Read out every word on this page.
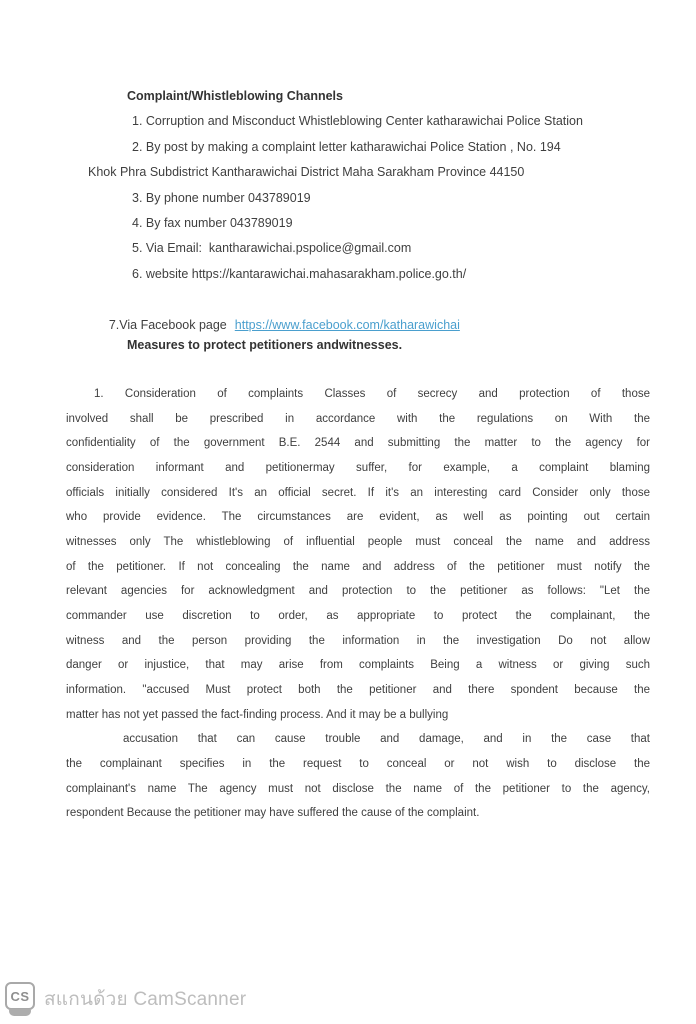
Complaint/Whistleblowing Channels
1. Corruption and Misconduct Whistleblowing Center katharawichai Police Station
2. By post by making a complaint letter katharawichai Police Station , No. 194
Khok Phra Subdistrict Kantharawichai District Maha Sarakham Province 44150
3. By phone number 043789019
4. By fax number 043789019
5. Via Email:  kantharawichai.pspolice@gmail.com
6. website https://kantarawichai.mahasarakham.police.go.th/

7.Via Facebook page https://www.facebook.com/katharawichai

Measures to protect petitioners andwitnesses.
1. Consideration of complaints Classes of secrecy and protection of those
involved shall be prescribed in accordance with the regulations on With the
confidentiality of the government B.E. 2544 and submitting the matter to the agency for
consideration informant and petitionermay suffer, for example, a complaint blaming
officials initially considered It's an official secret. If it's an interesting card Consider only those
who provide evidence. The circumstances are evident, as well as pointing out certain
witnesses only The whistleblowing of influential people must conceal the name and address
of the petitioner. If not concealing the name and address of the petitioner must notify the
relevant agencies for acknowledgment and protection to the petitioner as follows: "Let the
commander use discretion to order, as appropriate to protect the complainant, the
witness and the person providing the information in the investigation Do not allow
danger or injustice, that may arise from complaints Being a witness or giving such
information. "accused Must protect both the petitioner and there spondent because the
matter has not yet passed the fact-finding process. And it may be a bullying
accusation that can cause trouble and damage, and in the case that
the complainant specifies in the request to conceal or not wish to disclose the
complainant's name The agency must not disclose the name of the petitioner to the agency,
respondent Because the petitioner may have suffered the cause of the complaint.
CS สแกนด้วย CamScanner
